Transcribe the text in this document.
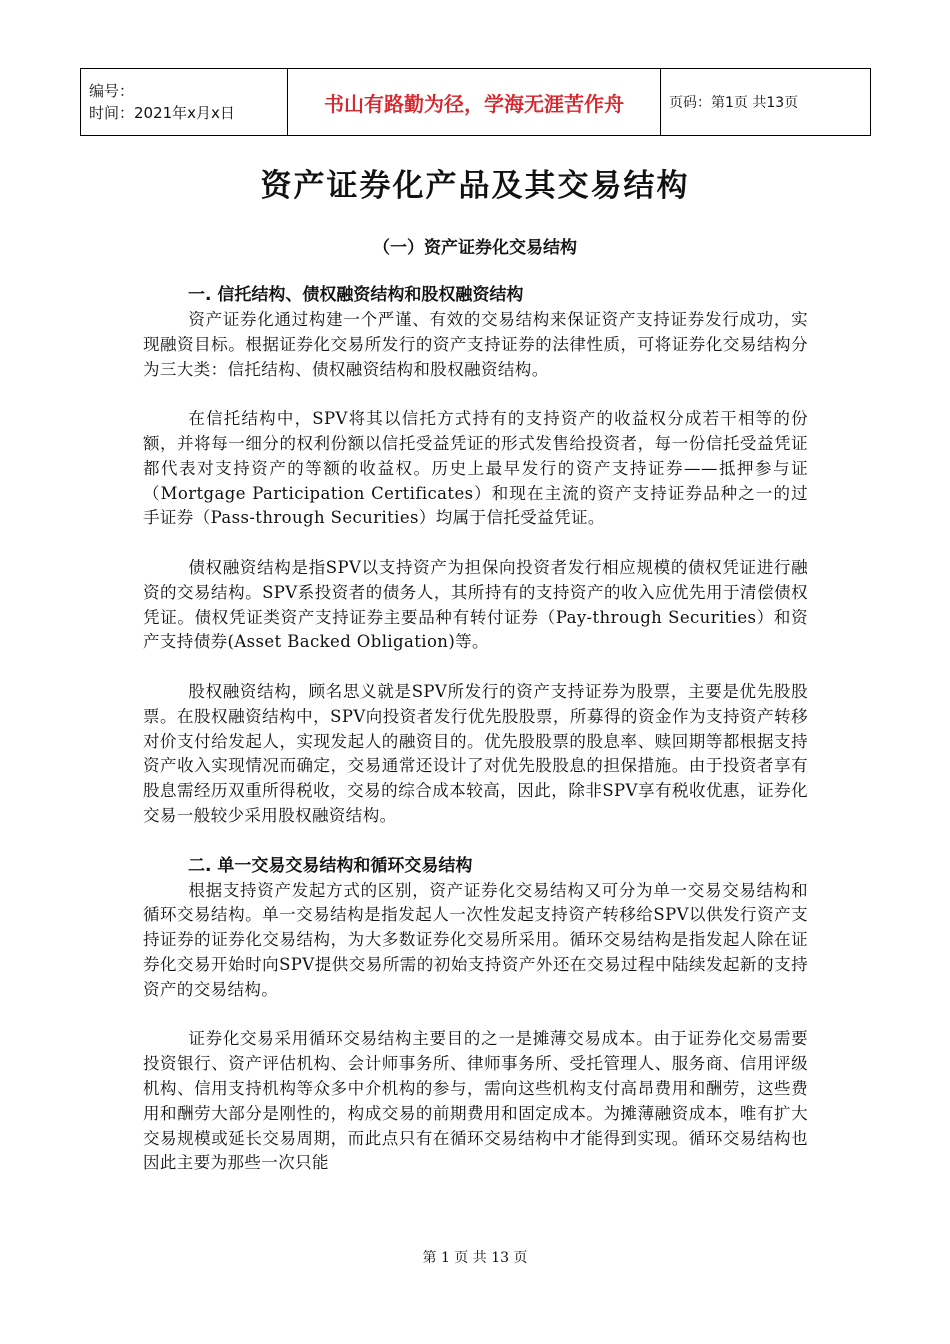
编号：
时间：2021年x月x日	书山有路勤为径，学海无涯苦作舟	页码：第1页 共13页
资产证券化产品及其交易结构
（一）资产证券化交易结构

一. 信托结构、债权融资结构和股权融资结构

资产证券化通过构建一个严谨、有效的交易结构来保证资产支持证券发行成功，实现融资目标。根据证券化交易所发行的资产支持证券的法律性质，可将证券化交易结构分为三大类：信托结构、债权融资结构和股权融资结构。

在信托结构中，SPV将其以信托方式持有的支持资产的收益权分成若干相等的份额，并将每一细分的权利份额以信托受益凭证的形式发售给投资者，每一份信托受益凭证都代表对支持资产的等额的收益权。历史上最早发行的资产支持证券——抵押参与证（Mortgage Participation Certificates）和现在主流的资产支持证券品种之一的过手证券（Pass-through Securities）均属于信托受益凭证。

债权融资结构是指SPV以支持资产为担保向投资者发行相应规模的债权凭证进行融资的交易结构。SPV系投资者的债务人，其所持有的支持资产的收入应优先用于清偿债权凭证。债权凭证类资产支持证券主要品种有转付证券（Pay-through Securities）和资产支持债券(Asset Backed Obligation)等。

股权融资结构，顾名思义就是SPV所发行的资产支持证券为股票，主要是优先股股票。在股权融资结构中，SPV向投资者发行优先股股票，所募得的资金作为支持资产转移对价支付给发起人，实现发起人的融资目的。优先股股票的股息率、赎回期等都根据支持资产收入实现情况而确定，交易通常还设计了对优先股股息的担保措施。由于投资者享有股息需经历双重所得税收，交易的综合成本较高，因此，除非SPV享有税收优惠，证券化交易一般较少采用股权融资结构。

二. 单一交易交易结构和循环交易结构

根据支持资产发起方式的区别，资产证券化交易结构又可分为单一交易交易结构和循环交易结构。单一交易结构是指发起人一次性发起支持资产转移给SPV以供发行资产支持证券的证券化交易结构，为大多数证券化交易所采用。循环交易结构是指发起人除在证券化交易开始时向SPV提供交易所需的初始支持资产外还在交易过程中陆续发起新的支持资产的交易结构。

证券化交易采用循环交易结构主要目的之一是摊薄交易成本。由于证券化交易需要投资银行、资产评估机构、会计师事务所、律师事务所、受托管理人、服务商、信用评级机构、信用支持机构等众多中介机构的参与，需向这些机构支付高昂费用和酬劳，这些费用和酬劳大部分是刚性的，构成交易的前期费用和固定成本。为摊薄融资成本，唯有扩大交易规模或延长交易周期，而此点只有在循环交易结构中才能得到实现。循环交易结构也因此主要为那些一次只能

第 1 页 共 13 页
